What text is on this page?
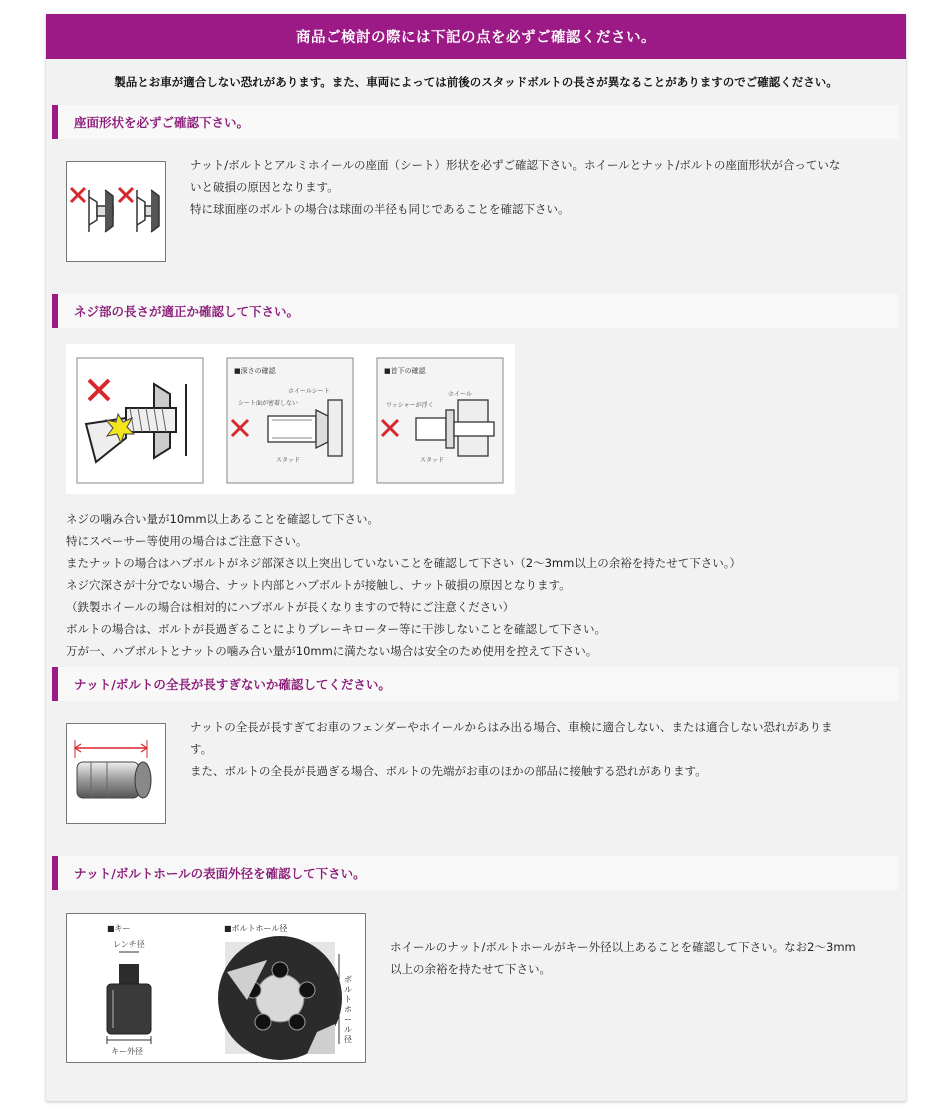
商品ご検討の際には下記の点を必ずご確認ください。
製品とお車が適合しない恐れがあります。また、車両によっては前後のスタッドボルトの長さが異なることがありますのでご確認ください。
座面形状を必ずご確認下さい。
ナット/ボルトとアルミホイールの座面（シート）形状を必ずご確認下さい。ホイールとナット/ボルトの座面形状が合っていな
いと破損の原因となります。
特に球面座のボルトの場合は球面の半径も同じであることを確認下さい。
ネジ部の長さが適正か確認して下さい。
■深さの確認
ホイールシート
シート面が密着しない
スタッド
■首下の確認
ホイール
ワッシャーが浮く
スタッド
ネジの噛み合い量が10mm以上あることを確認して下さい。
特にスペーサー等使用の場合はご注意下さい。
またナットの場合はハブボルトがネジ部深さ以上突出していないことを確認して下さい（2～3mm以上の余裕を持たせて下さい。）
ネジ穴深さが十分でない場合、ナット内部とハブボルトが接触し、ナット破損の原因となります。
（鉄製ホイールの場合は相対的にハブボルトが長くなりますので特にご注意ください）
ボルトの場合は、ボルトが長過ぎることによりブレーキローター等に干渉しないことを確認して下さい。
万が一、ハブボルトとナットの噛み合い量が10mmに満たない場合は安全のため使用を控えて下さい。
ナット/ボルトの全長が長すぎないか確認してください。
ナットの全長が長すぎてお車のフェンダーやホイールからはみ出る場合、車検に適合しない、または適合しない恐れがありま
す。
また、ボルトの全長が長過ぎる場合、ボルトの先端がお車のほかの部品に接触する恐れがあります。
ナット/ボルトホールの表面外径を確認して下さい。
■キー
レンチ径
キー外径
■ボルトホール径
ボ
ル
ト
ホ
ー
ル
径
ホイールのナット/ボルトホールがキー外径以上あることを確認して下さい。なお2～3mm
以上の余裕を持たせて下さい。
